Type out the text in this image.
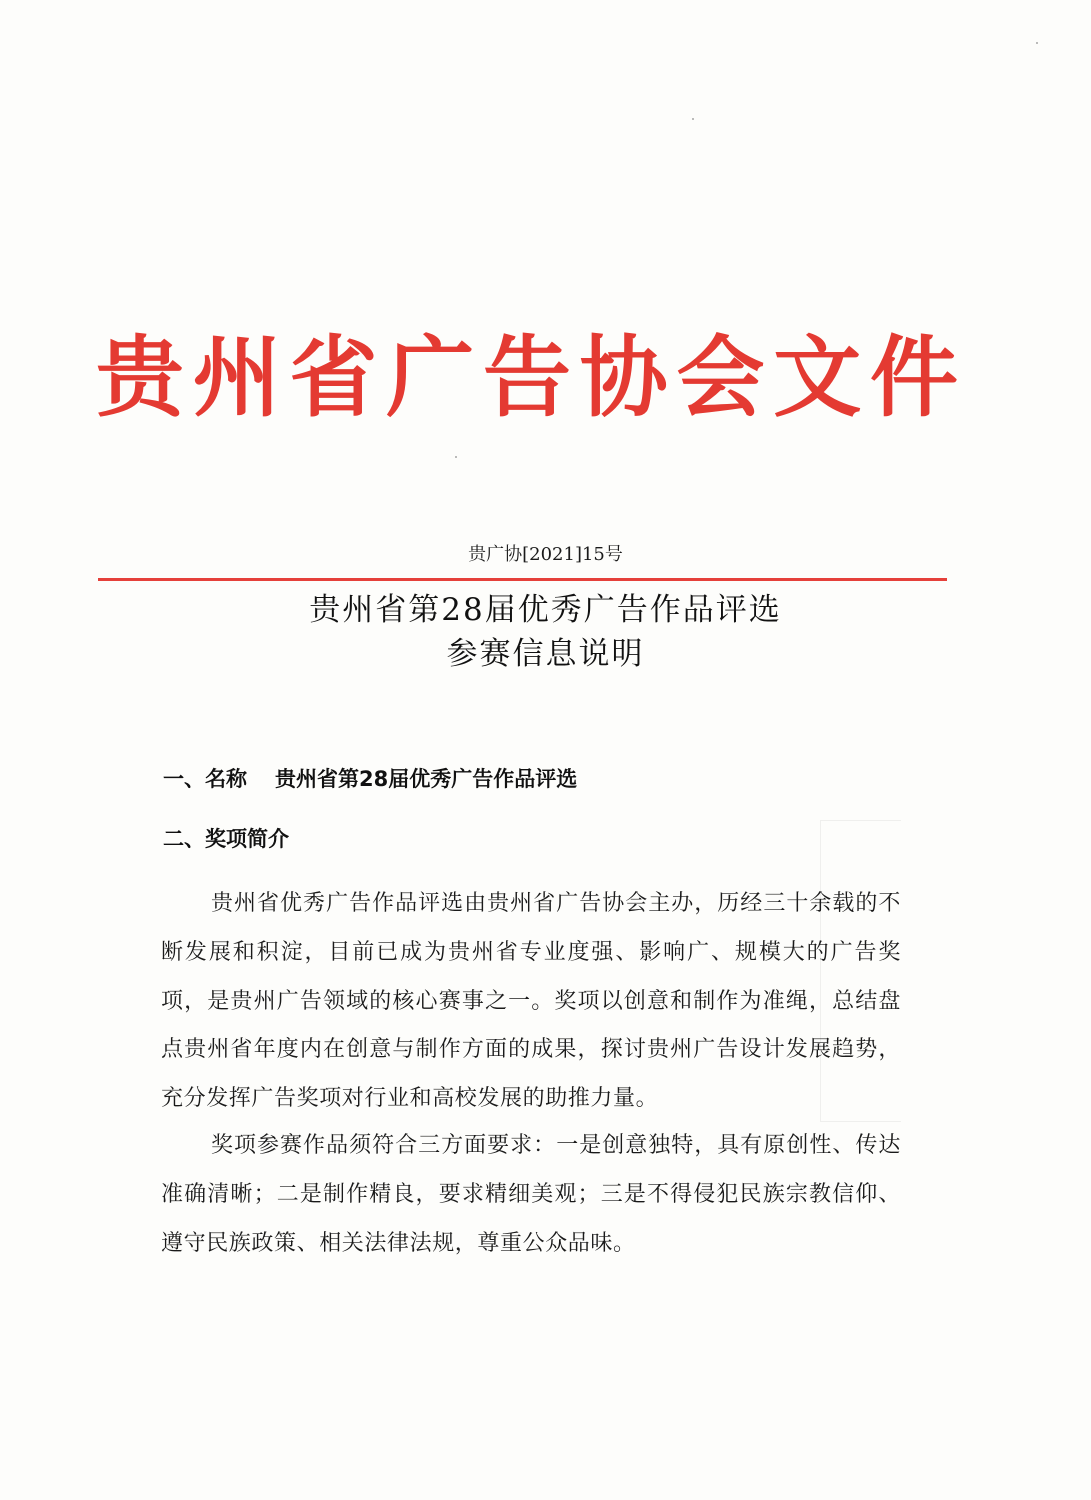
贵 州 省 广 告 协 会 文 件
贵广协[2021]15号
贵州省第28届优秀广告作品评选
参赛信息说明
一、名称 贵州省第28届优秀广告作品评选
二、奖项简介
贵州省优秀广告作品评选由贵州省广告协会主办，历经三十余载的不断发展和积淀，目前已成为贵州省专业度强、影响广、规模大的广告奖项，是贵州广告领域的核心赛事之一。奖项以创意和制作为准绳，总结盘点贵州省年度内在创意与制作方面的成果，探讨贵州广告设计发展趋势，充分发挥广告奖项对行业和高校发展的助推力量。
奖项参赛作品须符合三方面要求：一是创意独特，具有原创性、传达准确清晰；二是制作精良，要求精细美观；三是不得侵犯民族宗教信仰、遵守民族政策、相关法律法规，尊重公众品味。
